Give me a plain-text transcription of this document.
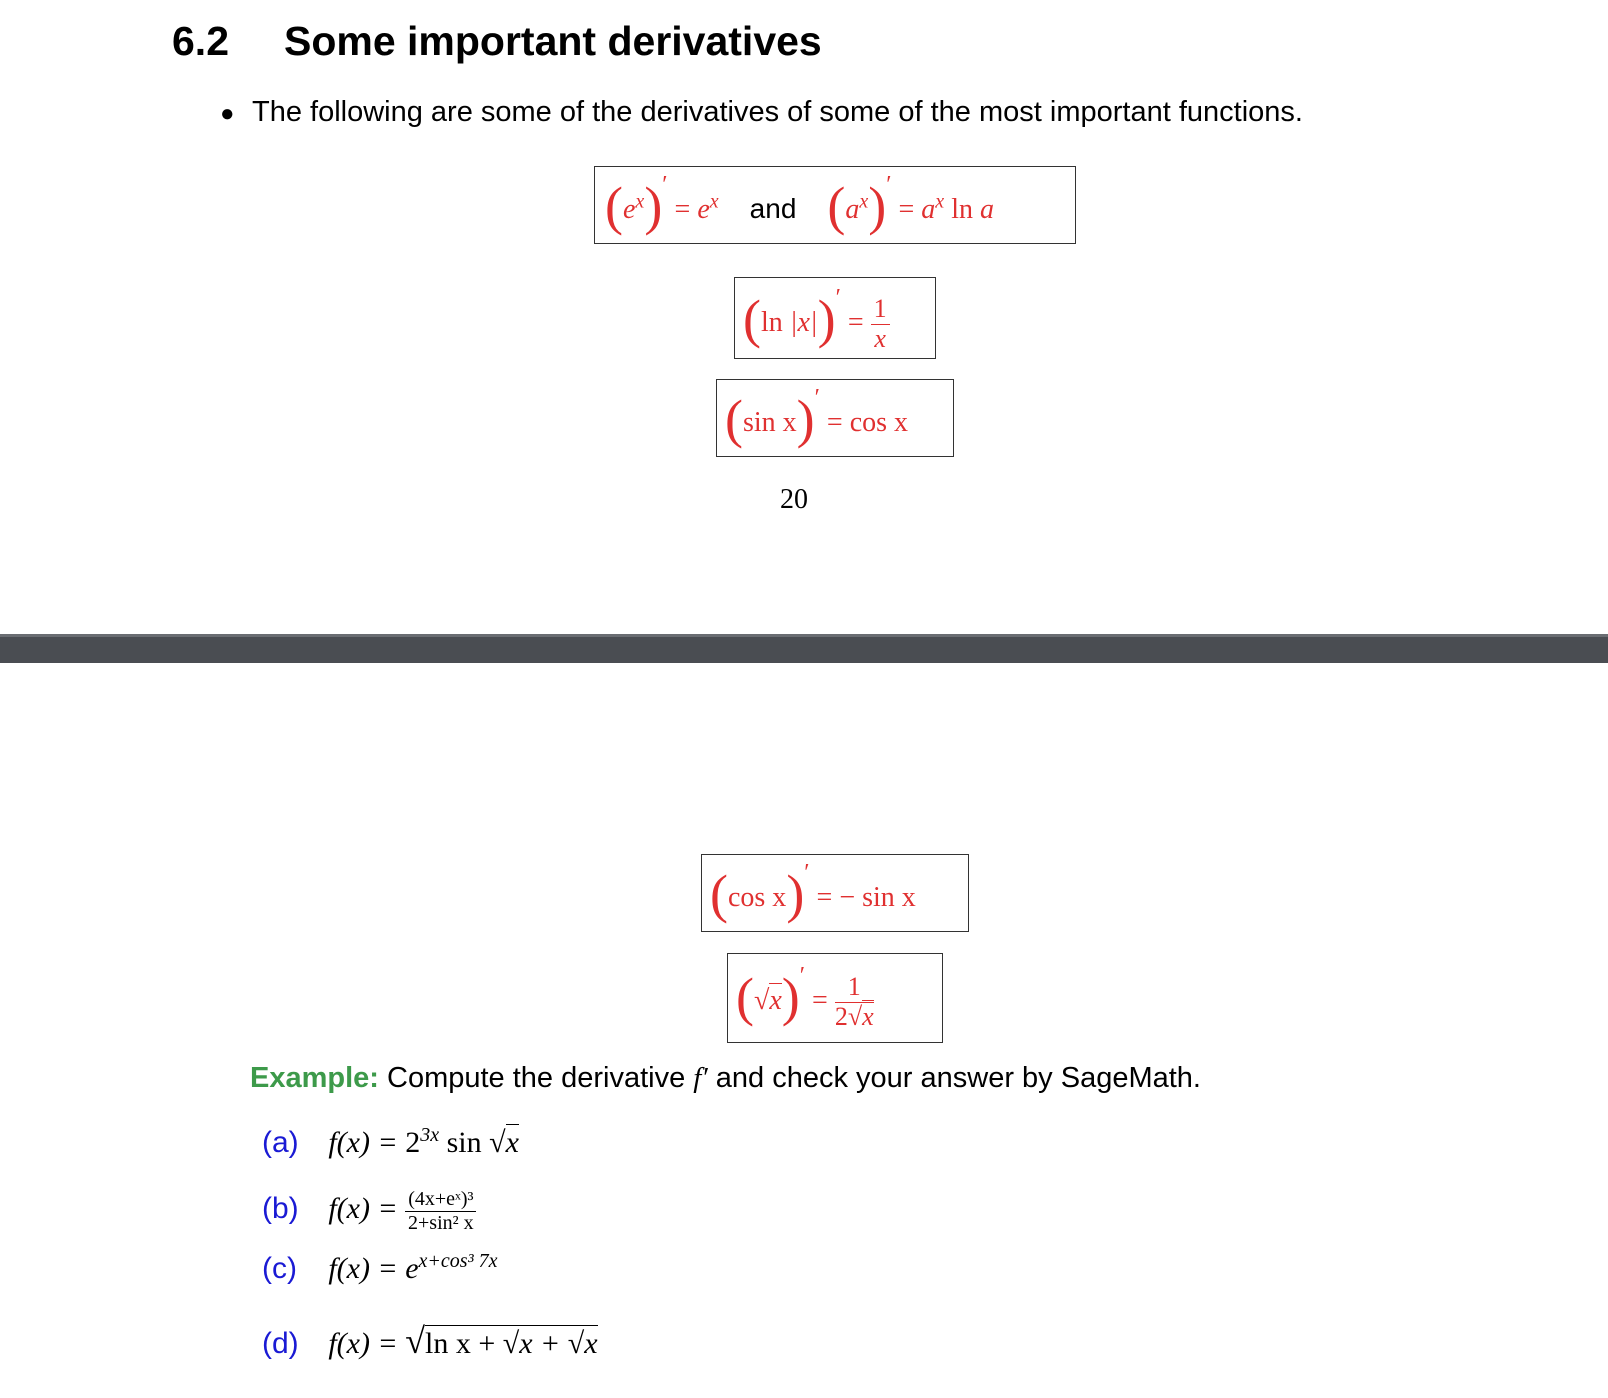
6.2 Some important derivatives
● The following are some of the derivatives of some of the most important functions.
$(e^x)' = e^x$ and $(a^x)' = a^x$ ln a
(ln $|x|)' = \frac{1}{x}$
(sin x)′ = cos x
20
(cos x)′ = − sin x
$(√x)' = \frac{1}{2√x}$
Example: Compute the derivative f′ and check your answer by SageMath.
(a) $f(x) = 2^{3x}$ sin √x
(b) $f(x) = \frac{\text{(4x+eˣ)³}}{\text{2+sin² x}}$
(c) $f(x) = e^{x+cos^3 7x}$
(d) f(x) = √ln x + √x + √x
